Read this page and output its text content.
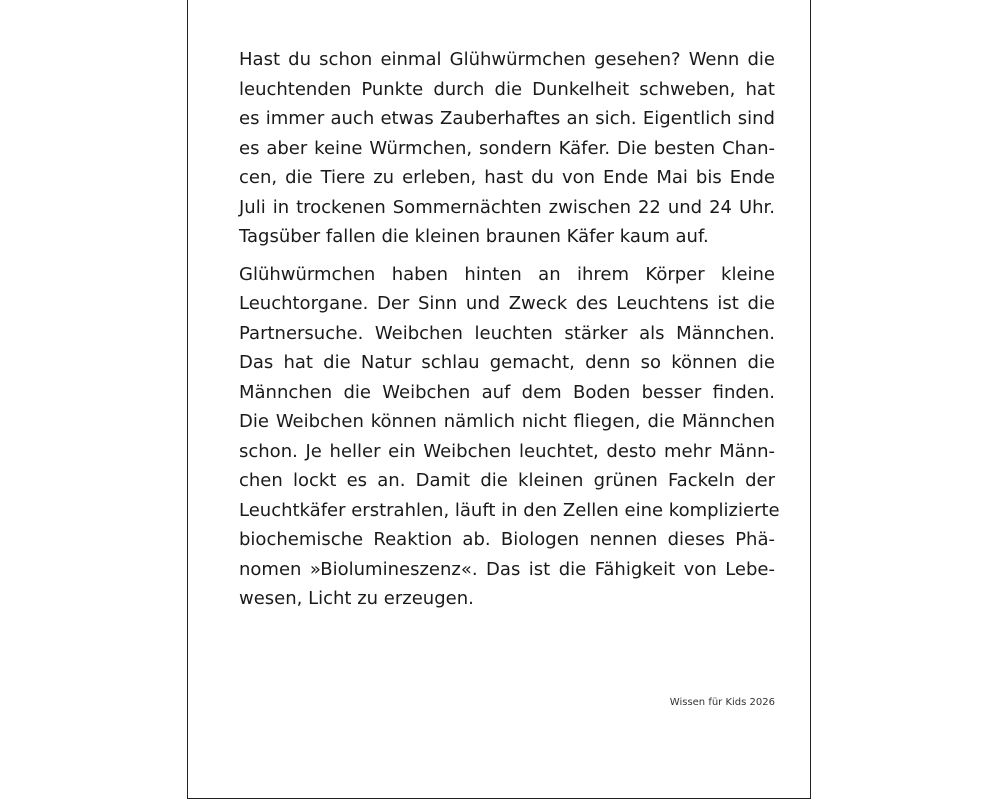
Hast du schon einmal Glühwürmchen gesehen? Wenn die
leuchtenden Punkte durch die Dunkelheit schweben, hat
es immer auch etwas Zauberhaftes an sich. Eigentlich sind
es aber keine Würmchen, sondern Käfer. Die besten Chan-
cen, die Tiere zu erleben, hast du von Ende Mai bis Ende
Juli in trockenen Sommernächten zwischen 22 und 24 Uhr.
Tagsüber fallen die kleinen braunen Käfer kaum auf.

Glühwürmchen haben hinten an ihrem Körper kleine
Leuchtorgane. Der Sinn und Zweck des Leuchtens ist die
Partnersuche. Weibchen leuchten stärker als Männchen.
Das hat die Natur schlau gemacht, denn so können die
Männchen die Weibchen auf dem Boden besser finden.
Die Weibchen können nämlich nicht fliegen, die Männchen
schon. Je heller ein Weibchen leuchtet, desto mehr Männ-
chen lockt es an. Damit die kleinen grünen Fackeln der
Leuchtkäfer erstrahlen, läuft in den Zellen eine komplizierte
biochemische Reaktion ab. Biologen nennen dieses Phä-
nomen »Biolumineszenz«. Das ist die Fähigkeit von Lebe-
wesen, Licht zu erzeugen.

Wissen für Kids 2026
